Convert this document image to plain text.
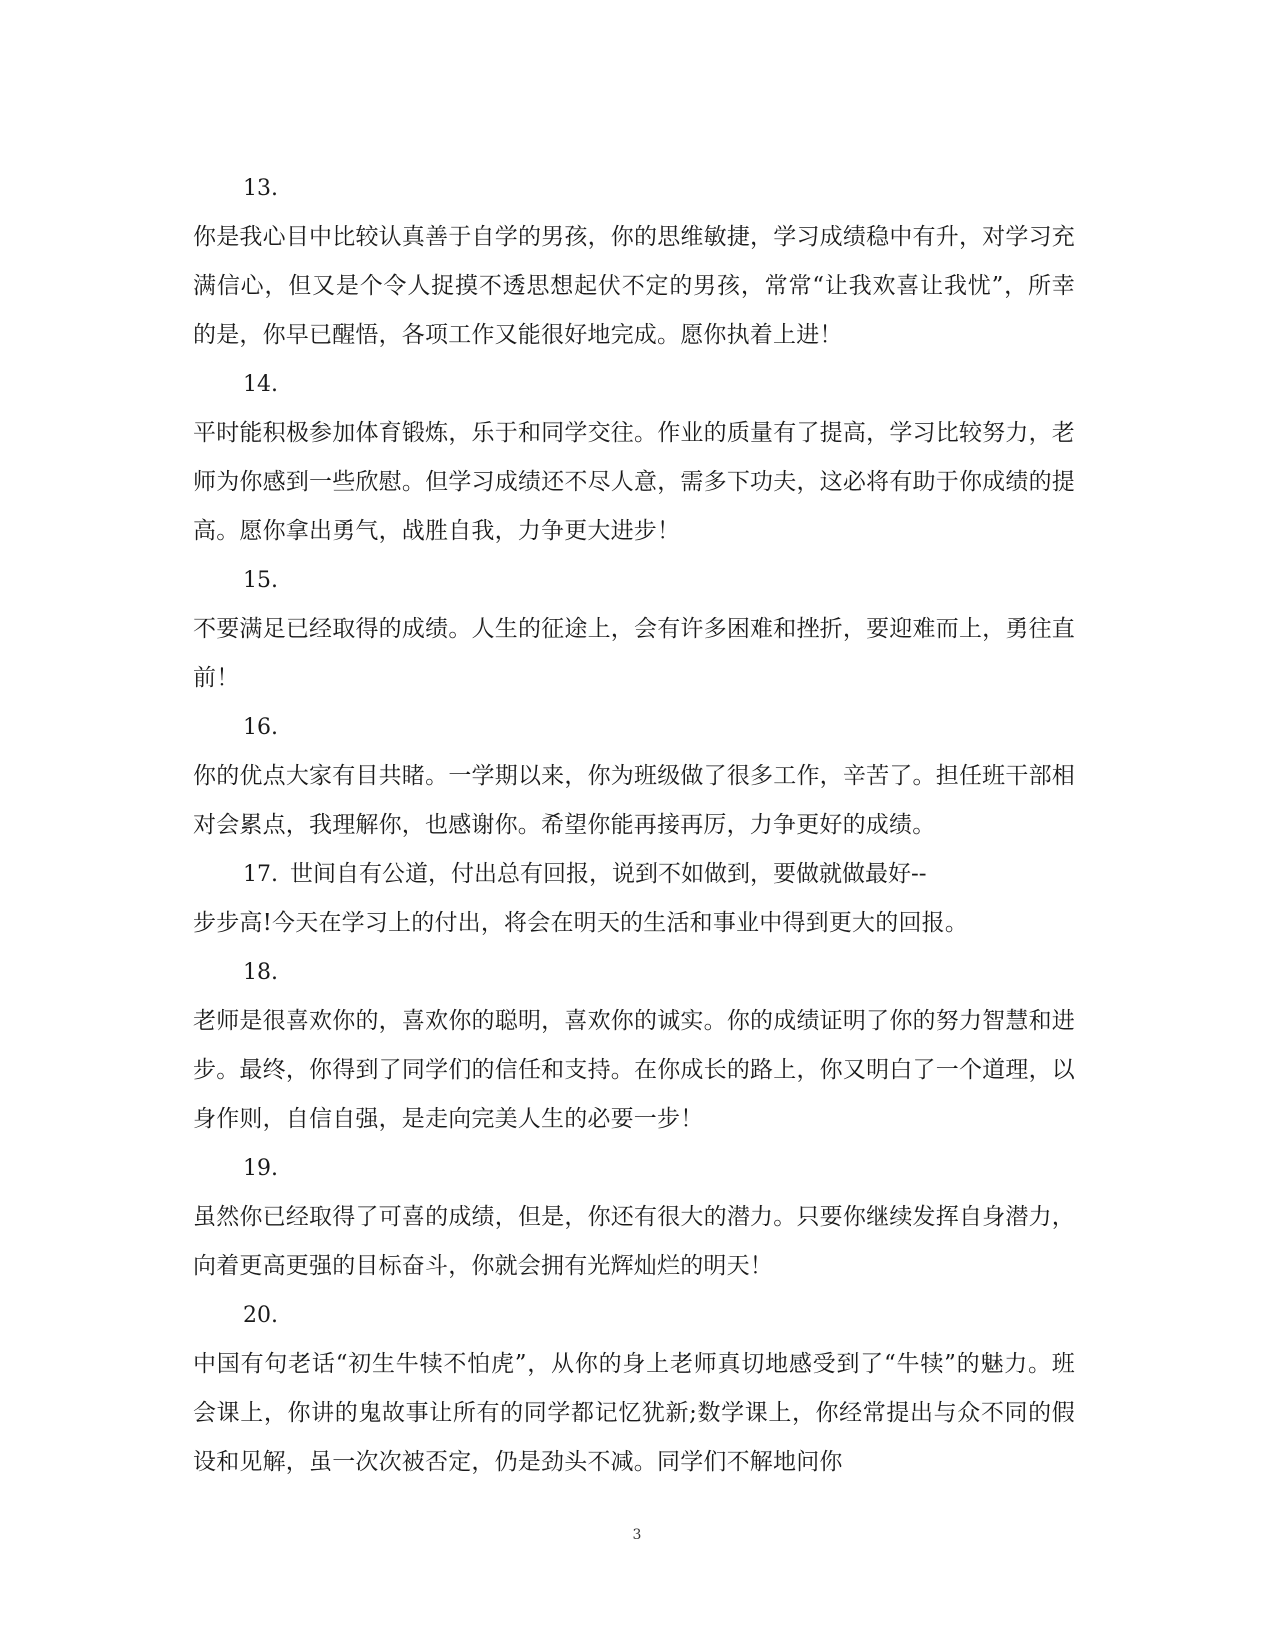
13.
你是我心目中比较认真善于自学的男孩，你的思维敏捷，学习成绩稳中有升，对学习充满信心，但又是个令人捉摸不透思想起伏不定的男孩，常常“让我欢喜让我忧”，所幸的是，你早已醒悟，各项工作又能很好地完成。愿你执着上进！
14.
平时能积极参加体育锻炼，乐于和同学交往。作业的质量有了提高，学习比较努力，老师为你感到一些欣慰。但学习成绩还不尽人意，需多下功夫，这必将有助于你成绩的提高。愿你拿出勇气，战胜自我，力争更大进步！
15.
不要满足已经取得的成绩。人生的征途上，会有许多困难和挫折，要迎难而上，勇往直前！
16.
你的优点大家有目共睹。一学期以来，你为班级做了很多工作，辛苦了。担任班干部相对会累点，我理解你，也感谢你。希望你能再接再厉，力争更好的成绩。
17. 世间自有公道，付出总有回报，说到不如做到，要做就做最好--
步步高!今天在学习上的付出，将会在明天的生活和事业中得到更大的回报。
18.
老师是很喜欢你的，喜欢你的聪明，喜欢你的诚实。你的成绩证明了你的努力智慧和进步。最终，你得到了同学们的信任和支持。在你成长的路上，你又明白了一个道理，以身作则，自信自强，是走向完美人生的必要一步！
19.
虽然你已经取得了可喜的成绩，但是，你还有很大的潜力。只要你继续发挥自身潜力，向着更高更强的目标奋斗，你就会拥有光辉灿烂的明天！
20.
中国有句老话“初生牛犊不怕虎”，从你的身上老师真切地感受到了“牛犊”的魅力。班会课上，你讲的鬼故事让所有的同学都记忆犹新;数学课上，你经常提出与众不同的假设和见解，虽一次次被否定，仍是劲头不减。同学们不解地问你
3
